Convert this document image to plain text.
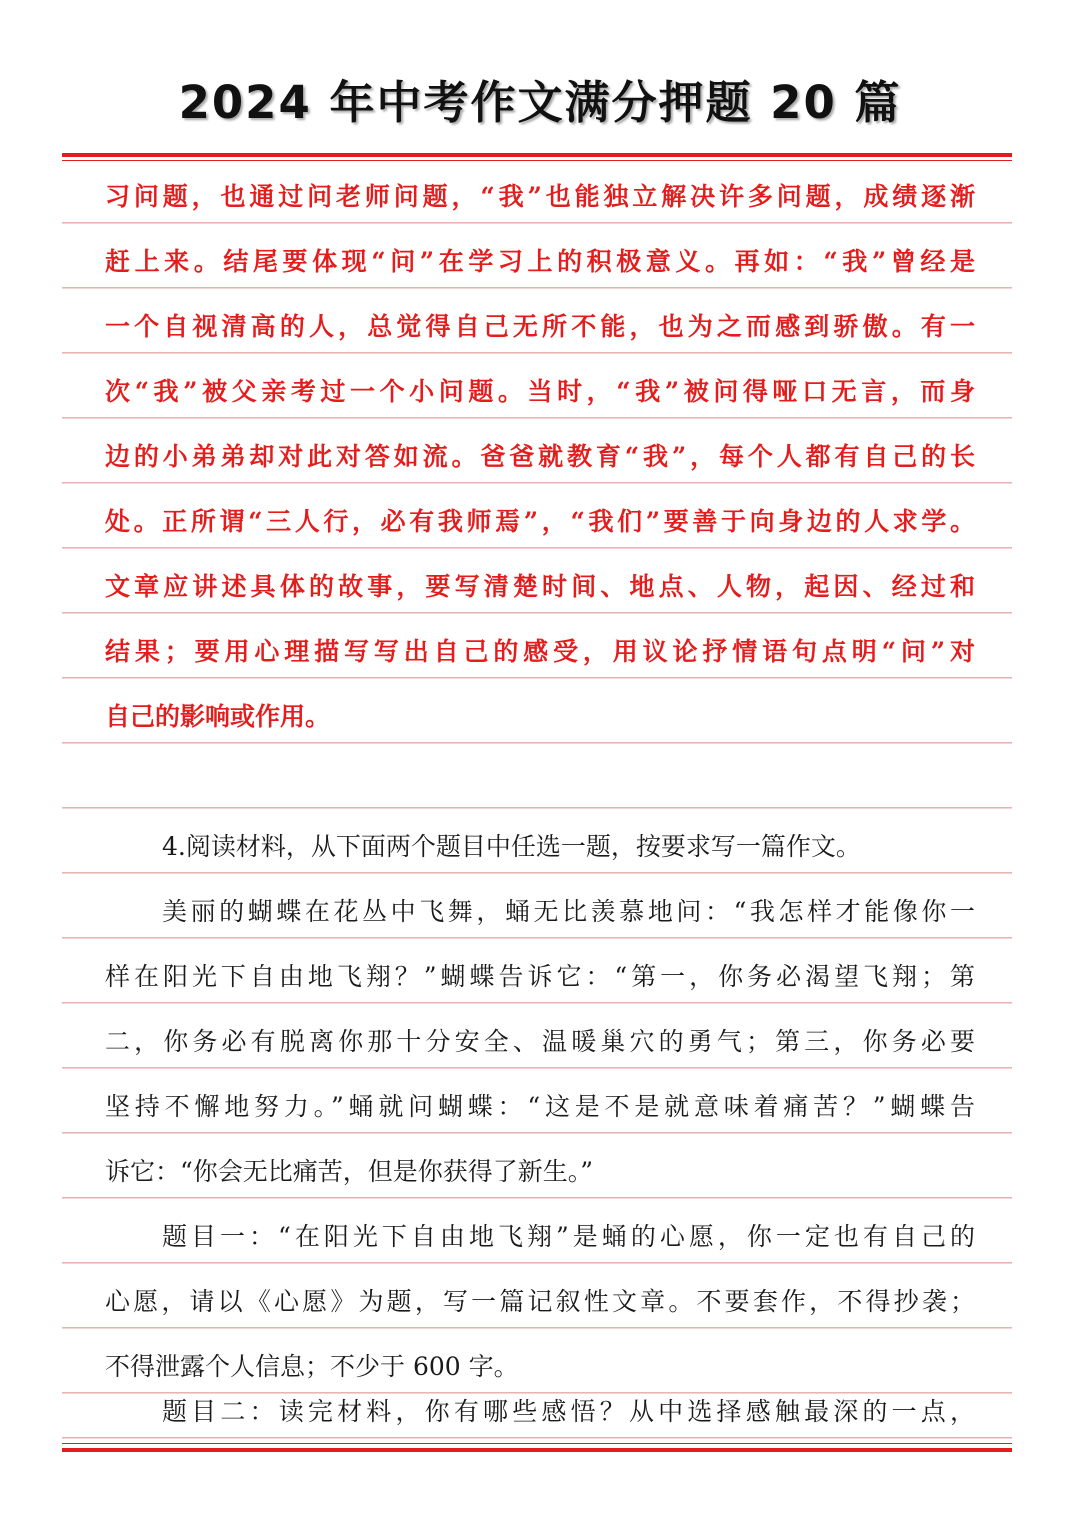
2024 年中考作文满分押题 20 篇
习问题，也通过问老师问题，“我”也能独立解决许多问题，成绩逐渐
赶上来。结尾要体现“问”在学习上的积极意义。再如：“我”曾经是
一个自视清高的人，总觉得自己无所不能，也为之而感到骄傲。有一
次“我”被父亲考过一个小问题。当时，“我”被问得哑口无言，而身
边的小弟弟却对此对答如流。爸爸就教育“我”，每个人都有自己的长
处。正所谓“三人行，必有我师焉”，“我们”要善于向身边的人求学。
文章应讲述具体的故事，要写清楚时间、地点、人物，起因、经过和
结果；要用心理描写写出自己的感受，用议论抒情语句点明“问”对
自己的影响或作用。
4.阅读材料，从下面两个题目中任选一题，按要求写一篇作文。
美丽的蝴蝶在花丛中飞舞，蛹无比羡慕地问：“我怎样才能像你一
样在阳光下自由地飞翔？”蝴蝶告诉它：“第一，你务必渴望飞翔；第
二，你务必有脱离你那十分安全、温暖巢穴的勇气；第三，你务必要
坚持不懈地努力。”蛹就问蝴蝶：“这是不是就意味着痛苦？”蝴蝶告
诉它：“你会无比痛苦，但是你获得了新生。”
题目一：“在阳光下自由地飞翔”是蛹的心愿，你一定也有自己的
心愿，请以《心愿》为题，写一篇记叙性文章。不要套作，不得抄袭；
不得泄露个人信息；不少于 600 字。
题目二：读完材料，你有哪些感悟？从中选择感触最深的一点，
